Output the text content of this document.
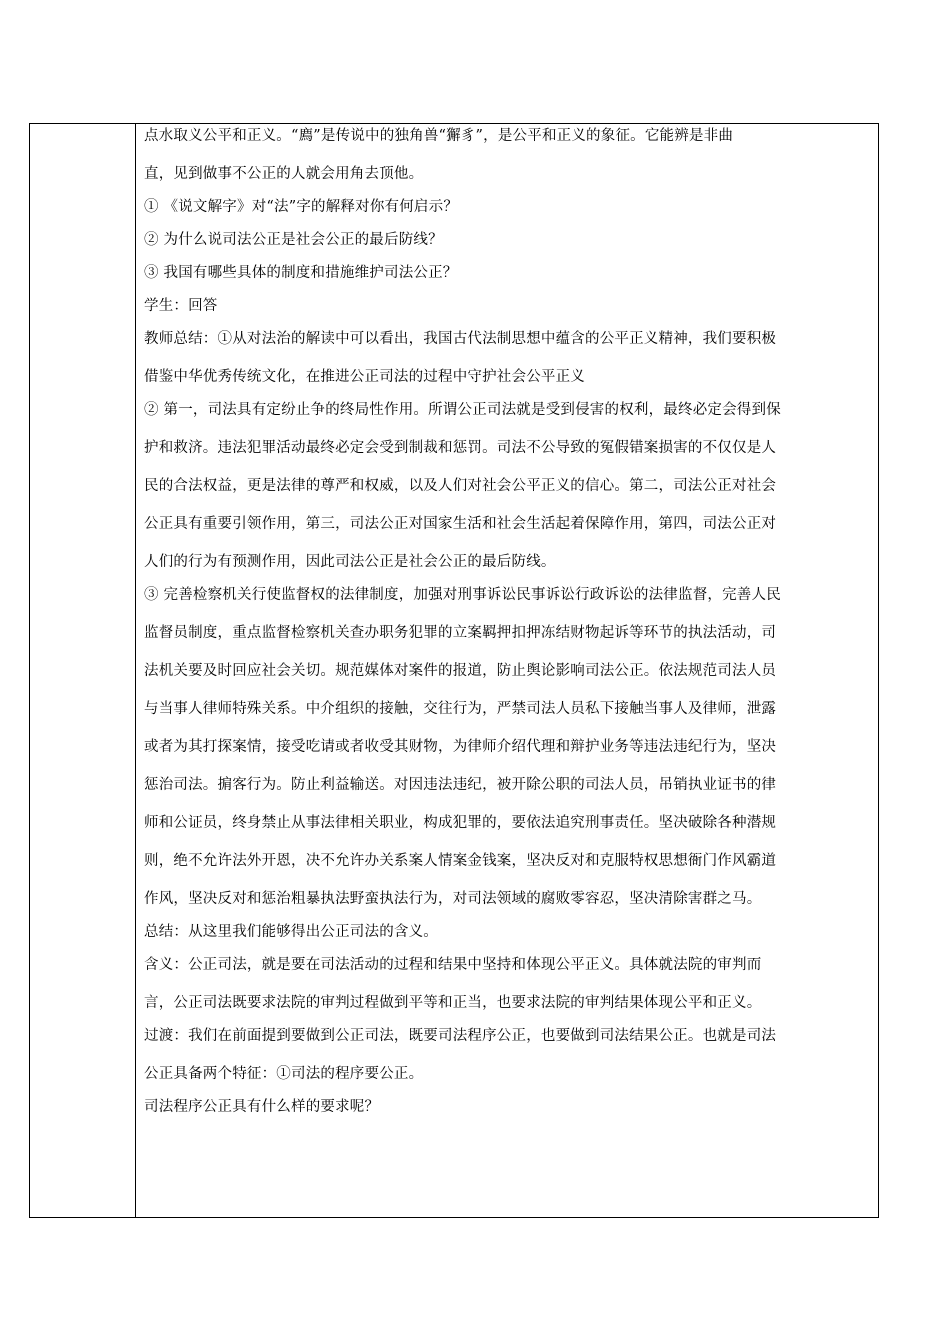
点水取义公平和正义。“廌”是传说中的独角兽“獬豸”，是公平和正义的象征。它能辨是非曲
直，见到做事不公正的人就会用角去顶他。
① 《说文解字》对“法”字的解释对你有何启示？
② 为什么说司法公正是社会公正的最后防线？
③ 我国有哪些具体的制度和措施维护司法公正？
学生：回答
教师总结：①从对法治的解读中可以看出，我国古代法制思想中蕴含的公平正义精神，我们要积极
借鉴中华优秀传统文化，在推进公正司法的过程中守护社会公平正义
② 第一，司法具有定纷止争的终局性作用。所谓公正司法就是受到侵害的权利，最终必定会得到保
护和救济。违法犯罪活动最终必定会受到制裁和惩罚。司法不公导致的冤假错案损害的不仅仅是人
民的合法权益，更是法律的尊严和权威，以及人们对社会公平正义的信心。第二，司法公正对社会
公正具有重要引领作用，第三，司法公正对国家生活和社会生活起着保障作用，第四，司法公正对
人们的行为有预测作用，因此司法公正是社会公正的最后防线。
③ 完善检察机关行使监督权的法律制度，加强对刑事诉讼民事诉讼行政诉讼的法律监督，完善人民
监督员制度，重点监督检察机关查办职务犯罪的立案羁押扣押冻结财物起诉等环节的执法活动，司
法机关要及时回应社会关切。规范媒体对案件的报道，防止舆论影响司法公正。依法规范司法人员
与当事人律师特殊关系。中介组织的接触，交往行为，严禁司法人员私下接触当事人及律师，泄露
或者为其打探案情，接受吃请或者收受其财物，为律师介绍代理和辩护业务等违法违纪行为，坚决
惩治司法。掮客行为。防止利益输送。对因违法违纪，被开除公职的司法人员，吊销执业证书的律
师和公证员，终身禁止从事法律相关职业，构成犯罪的，要依法追究刑事责任。坚决破除各种潜规
则，绝不允许法外开恩，决不允许办关系案人情案金钱案，坚决反对和克服特权思想衙门作风霸道
作风，坚决反对和惩治粗暴执法野蛮执法行为，对司法领域的腐败零容忍，坚决清除害群之马。
总结：从这里我们能够得出公正司法的含义。
含义：公正司法，就是要在司法活动的过程和结果中坚持和体现公平正义。具体就法院的审判而
言，公正司法既要求法院的审判过程做到平等和正当，也要求法院的审判结果体现公平和正义。
过渡：我们在前面提到要做到公正司法，既要司法程序公正，也要做到司法结果公正。也就是司法
公正具备两个特征：①司法的程序要公正。
司法程序公正具有什么样的要求呢？
